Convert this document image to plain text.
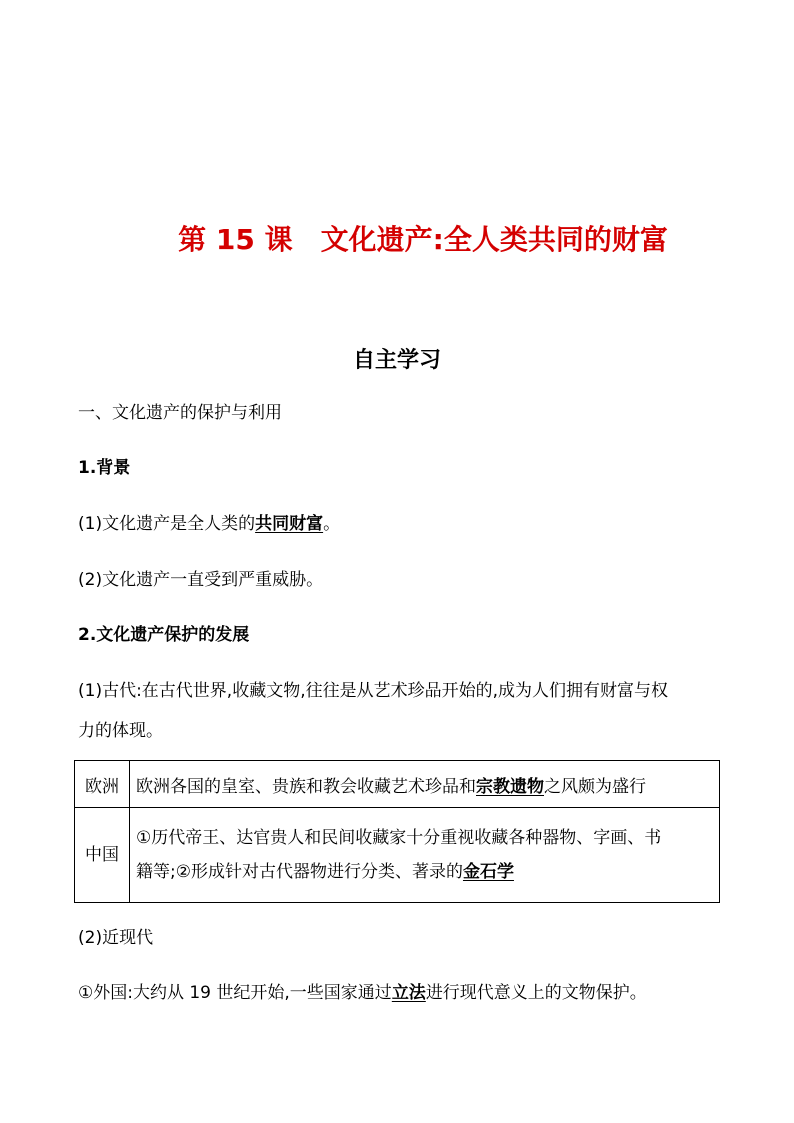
第 15 课 文化遗产:全人类共同的财富
自主学习
一、文化遗产的保护与利用
1.背景
(1)文化遗产是全人类的共同财富。
(2)文化遗产一直受到严重威胁。
2.文化遗产保护的发展
(1)古代:在古代世界,收藏文物,往往是从艺术珍品开始的,成为人们拥有财富与权
力的体现。
欧洲	欧洲各国的皇室、贵族和教会收藏艺术珍品和宗教遗物之风颇为盛行
中国	①历代帝王、达官贵人和民间收藏家十分重视收藏各种器物、字画、书
籍等;②形成针对古代器物进行分类、著录的金石学
(2)近现代
①外国:大约从 19 世纪开始,一些国家通过立法进行现代意义上的文物保护。
